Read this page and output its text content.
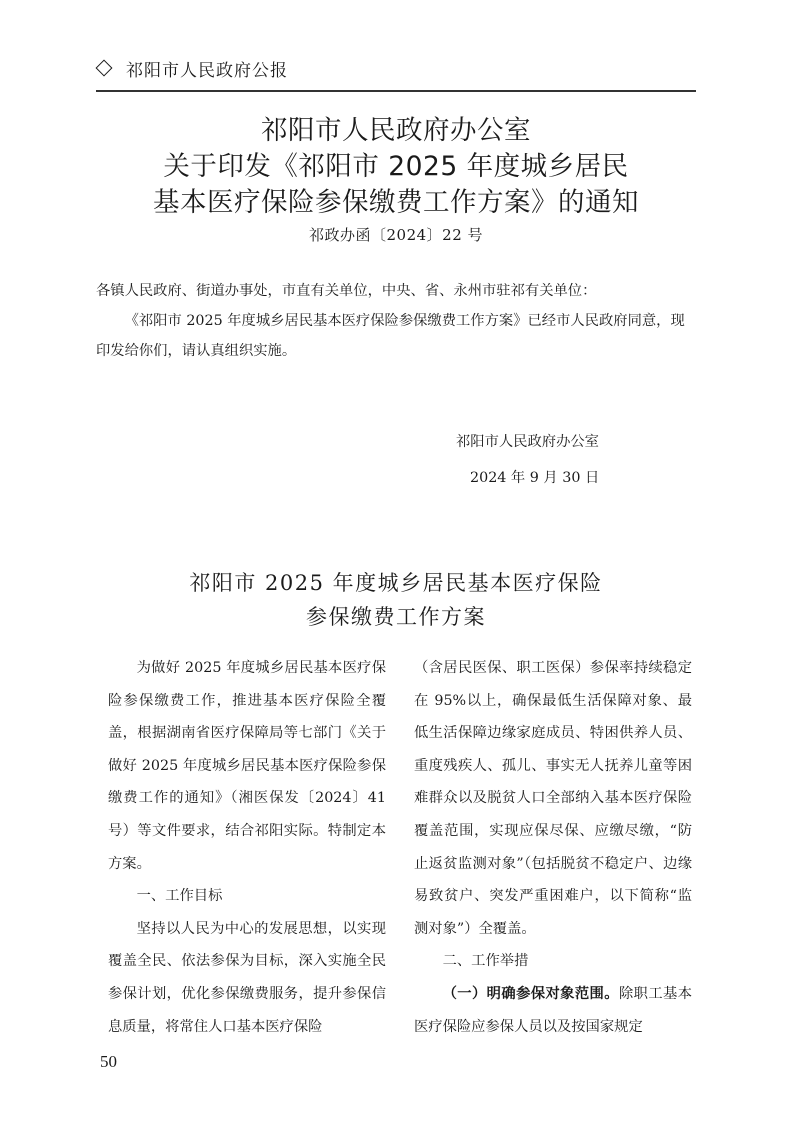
祁阳市人民政府公报
祁阳市人民政府办公室
关于印发《祁阳市 2025 年度城乡居民
基本医疗保险参保缴费工作方案》的通知
祁政办函〔2024〕22 号

各镇人民政府、街道办事处，市直有关单位，中央、省、永州市驻祁有关单位：

《祁阳市 2025 年度城乡居民基本医疗保险参保缴费工作方案》已经市人民政府同意，现印发给你们，请认真组织实施。

祁阳市人民政府办公室
2024 年 9 月 30 日
祁阳市 2025 年度城乡居民基本医疗保险
参保缴费工作方案

为做好 2025 年度城乡居民基本医疗保险参保缴费工作，推进基本医疗保险全覆盖，根据湖南省医疗保障局等七部门《关于做好 2025 年度城乡居民基本医疗保险参保缴费工作的通知》（湘医保发〔2024〕41 号）等文件要求，结合祁阳实际。特制定本方案。

一、工作目标

坚持以人民为中心的发展思想，以实现覆盖全民、依法参保为目标，深入实施全民参保计划，优化参保缴费服务，提升参保信息质量，将常住人口基本医疗保险

（含居民医保、职工医保）参保率持续稳定在 95%以上，确保最低生活保障对象、最低生活保障边缘家庭成员、特困供养人员、重度残疾人、孤儿、事实无人抚养儿童等困难群众以及脱贫人口全部纳入基本医疗保险覆盖范围，实现应保尽保、应缴尽缴，“防止返贫监测对象”（包括脱贫不稳定户、边缘易致贫户、突发严重困难户，以下简称“监测对象”）全覆盖。

二、工作举措

（一）明确参保对象范围。除职工基本医疗保险应参保人员以及按国家规定

50
